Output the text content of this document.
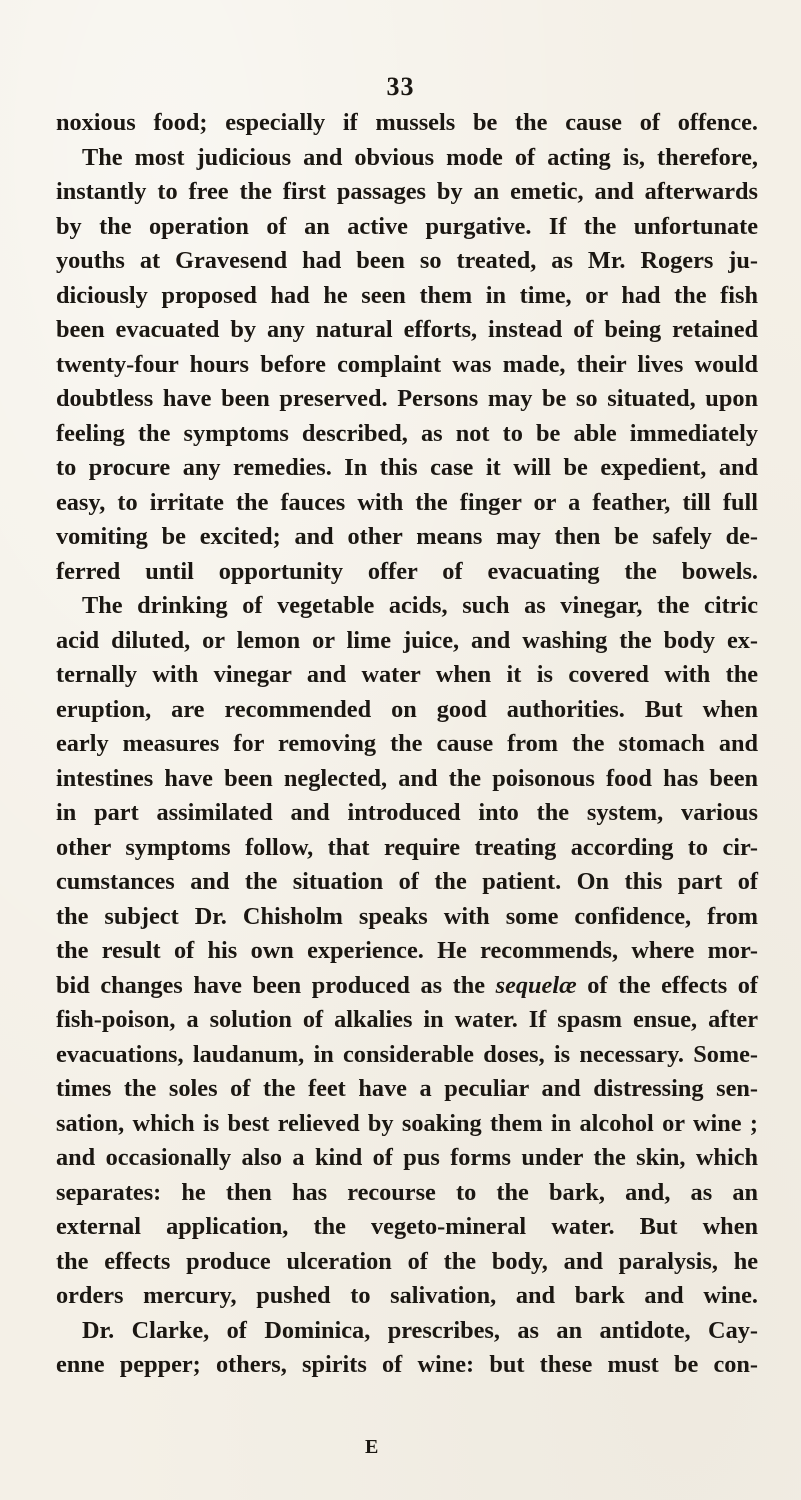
33

noxious food; especially if mussels be the cause of offence.
The most judicious and obvious mode of acting is, therefore,
instantly to free the first passages by an emetic, and afterwards
by the operation of an active purgative. If the unfortunate
youths at Gravesend had been so treated, as Mr. Rogers ju-
diciously proposed had he seen them in time, or had the fish
been evacuated by any natural efforts, instead of being retained
twenty-four hours before complaint was made, their lives would
doubtless have been preserved. Persons may be so situated, upon
feeling the symptoms described, as not to be able immediately
to procure any remedies. In this case it will be expedient, and
easy, to irritate the fauces with the finger or a feather, till full
vomiting be excited; and other means may then be safely de-
ferred until opportunity offer of evacuating the bowels.
The drinking of vegetable acids, such as vinegar, the citric
acid diluted, or lemon or lime juice, and washing the body ex-
ternally with vinegar and water when it is covered with the
eruption, are recommended on good authorities. But when
early measures for removing the cause from the stomach and
intestines have been neglected, and the poisonous food has been
in part assimilated and introduced into the system, various
other symptoms follow, that require treating according to cir-
cumstances and the situation of the patient. On this part of
the subject Dr. Chisholm speaks with some confidence, from
the result of his own experience. He recommends, where mor-
bid changes have been produced as the sequelæ of the effects of
fish-poison, a solution of alkalies in water. If spasm ensue, after
evacuations, laudanum, in considerable doses, is necessary. Some-
times the soles of the feet have a peculiar and distressing sen-
sation, which is best relieved by soaking them in alcohol or wine ;
and occasionally also a kind of pus forms under the skin, which
separates: he then has recourse to the bark, and, as an
external application, the vegeto-mineral water. But when
the effects produce ulceration of the body, and paralysis, he
orders mercury, pushed to salivation, and bark and wine.
Dr. Clarke, of Dominica, prescribes, as an antidote, Cay-
enne pepper; others, spirits of wine: but these must be con-

E
